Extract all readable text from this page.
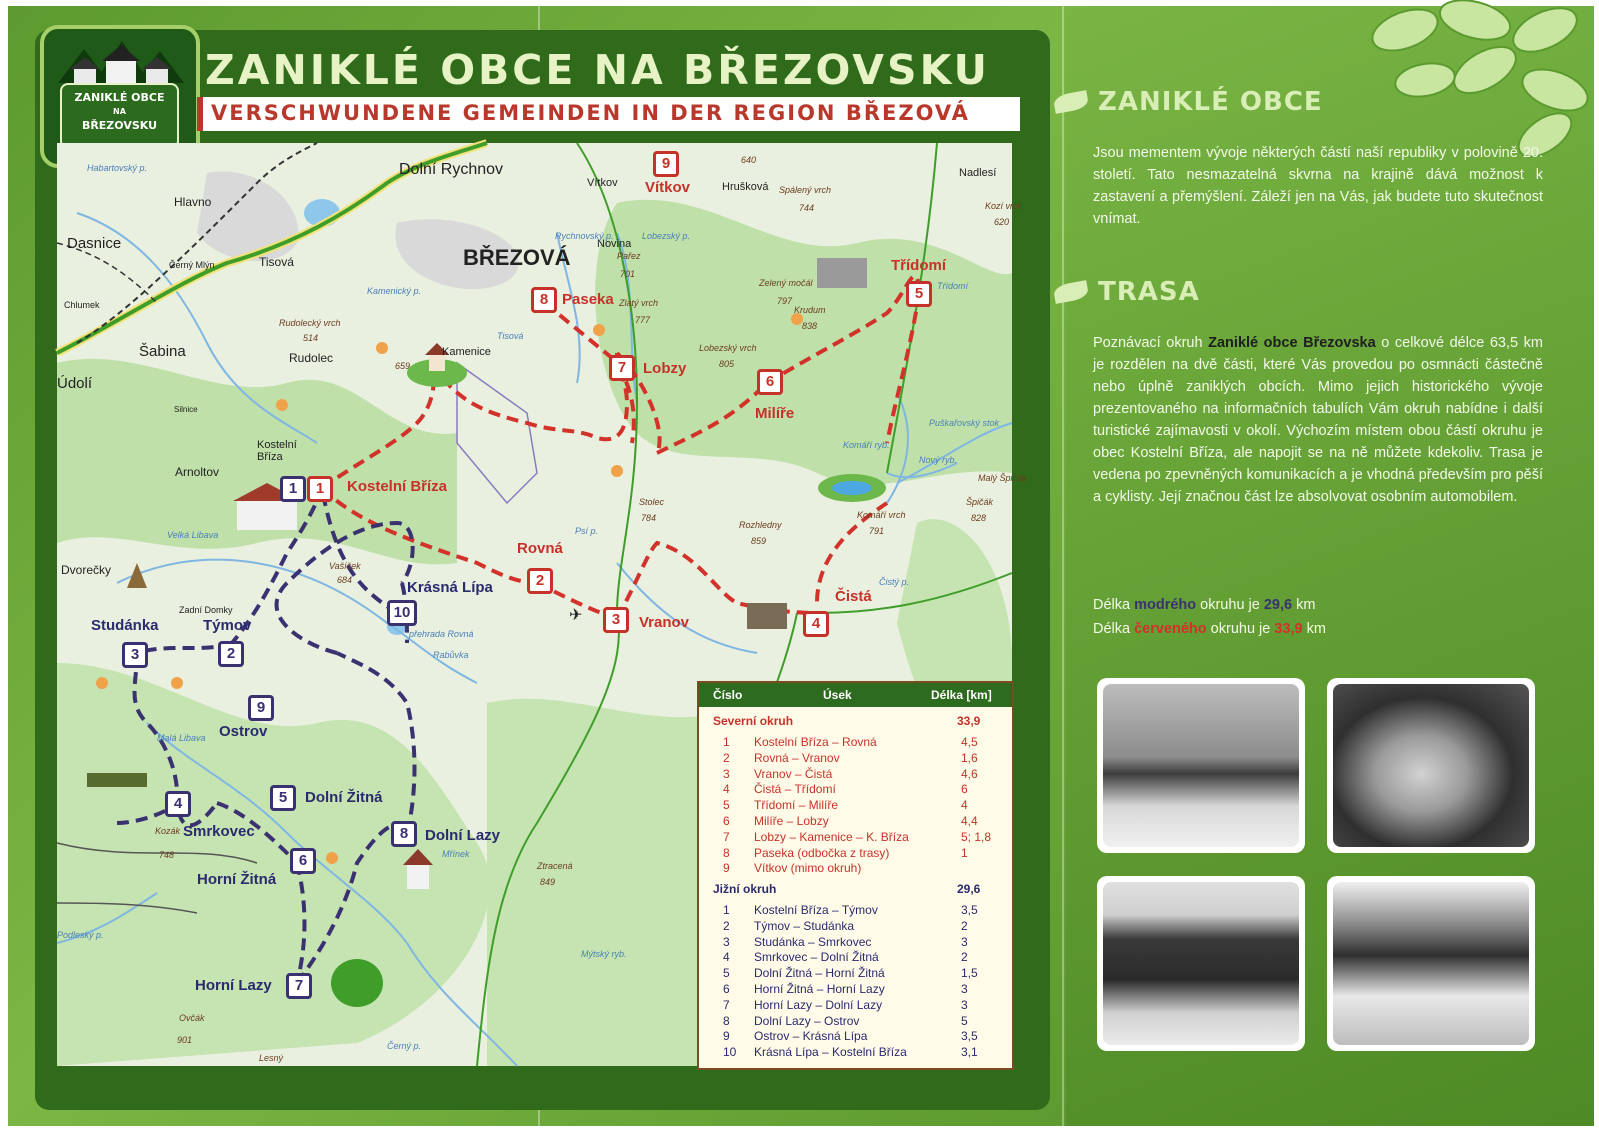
ZANIKLÉ OBCE
NA
BŘEZOVSKU
ZANIKLÉ OBCE NA BŘEZOVSKU
VERSCHWUNDENE GEMEINDEN IN DER REGION BŘEZOVÁ
Dolní Rychnov
Hlavno
Dasnice
Černý Mlýn	Tisová
Chlumek
Šabina
Údolí
Rudolecký vrch
Rudolec	Kamenice
Silnice
Kostelní Bříza
Arnoltov
Dvorečky
Zadní Domky
Vašíček
Vítkov	Hrušková Spálený vrch
Novina
Pařez
Zlatý vrch
Zelený močál
Krudum
Nadlesí
Kozí vrch
Tŕídomí
Lobezský vrch
Komáří ryb.
Nový ryb.
Komáří vrch
Malý Špičák
Špičák
Rozhledny
Stolec
Čistý p.
Ztracená
Mýtský ryb.
Ovčák
Lesný
Kozák
640
744
701
777
797
838
805
620
514
659
684
784
859
791
828
748
849
901
Velká Libava
Malá Libava
Rychnovský p.	Lobezský p.
Kamenický p.
Tisová
Psí p.
Puškařovský stok
Mřínek
Podleský p.
Černý p.
přehrada Rovná
Rabůvka
Habartovský p.
BŘEZOVÁ
1	Kostelní Bříza
2
Rovná
3	Vranov	4
Čistá
5
Třídomí
6
Milíře
7	Lobzy
8 Paseka
9
Vítkov
1
2
Týmov
3
Studánka
4
Smrkovec
5	Dolní Žitná
6
Horní Žitná
7
Horní Lazy
8	Dolní Lazy
9
Ostrov
10
Krásná Lípa
✈
Číslo	Úsek	Délka [km]
Severní okruh	33,9
1 Kostelní Bříza – Rovná	4,5
2 Rovná – Vranov	1,6
3 Vranov – Čistá	4,6
4 Čistá – Třídomí	6
5 Třídomí – Milíře	4
6 Milíře – Lobzy	4,4
7 Lobzy – Kamenice – K. Bříza	5; 1,8
8 Paseka (odbočka z trasy)	1
9 Vítkov (mimo okruh)
Jižní okruh	29,6
1 Kostelní Bříza – Týmov	3,5
2 Týmov – Studánka	2
3 Studánka – Smrkovec	3
4 Smrkovec – Dolní Žitná	2
5 Dolní Žitná – Horní Žitná	1,5
6 Horní Žitná – Horní Lazy	3
7 Horní Lazy – Dolní Lazy	3
8 Dolní Lazy – Ostrov	5
9 Ostrov – Krásná Lípa	3,5
10 Krásná Lípa – Kostelní Bříza	3,1
ZANIKLÉ OBCE
Jsou mementem vývoje některých částí naší republiky v polovině 20. století. Tato nesmazatelná skvrna na krajině dává možnost k zastavení a přemýšlení. Záleží jen na Vás, jak budete tuto skutečnost vnímat.
TRASA
Poznávací okruh Zaniklé obce Březovska o celkové délce 63,5 km je rozdělen na dvě části, které Vás provedou po osmnácti částečně nebo úplně zaniklých obcích. Mimo jejich historického vývoje prezentovaného na informačních tabulích Vám okruh nabídne i další turistické zajímavosti v okolí. Výchozím místem obou částí okruhu je obec Kostelní Bříza, ale napojit se na ně můžete kdekoliv. Trasa je vedena po zpevněných komunikacích a je vhodná především pro pěší a cyklisty. Její značnou část lze absolvovat osobním automobilem.
Délka modrého okruhu je 29,6 km
Délka červeného okruhu je 33,9 km
